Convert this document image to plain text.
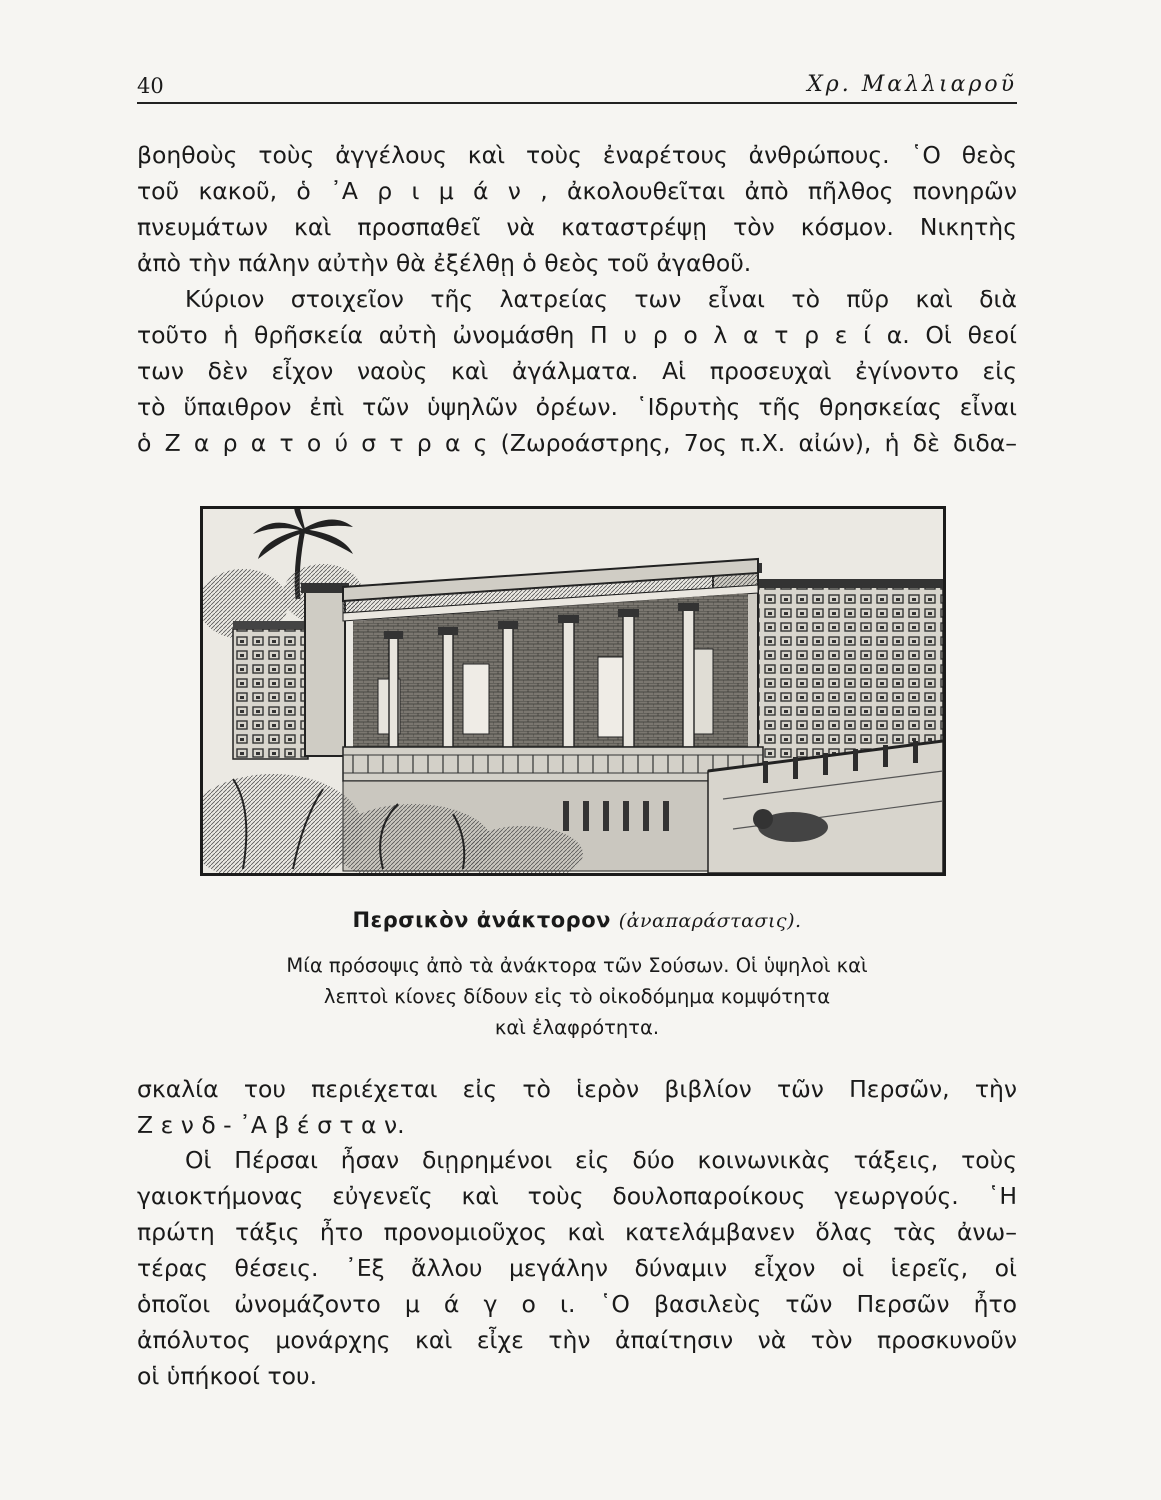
40	Χρ. Μαλλιαροῦ
βοηθοὺς τοὺς ἀγγέλους καὶ τοὺς ἐναρέτους ἀνθρώπους. ῾Ο θεὸς
τοῦ κακοῦ, ὁ ᾿Α ρ ι μ ά ν , ἀκολουθεῖται ἀπὸ πῆλθος πονηρῶν
πνευμάτων καὶ προσπαθεῖ νὰ καταστρέψῃ τὸν κόσμον. Νικητὴς
ἀπὸ τὴν πάλην αὐτὴν θὰ ἐξέλθῃ ὁ θεὸς τοῦ ἀγαθοῦ.
Κύριον στοιχεῖον τῆς λατρείας των εἶναι τὸ πῦρ καὶ διὰ
τοῦτο ἡ θρῆσκεία αὐτὴ ὠνομάσθη Π υ ρ ο λ α τ ρ ε ί α. Οἱ θεοί
των δὲν εἶχον ναοὺς καὶ ἀγάλματα. Αἱ προσευχαὶ ἐγίνοντο εἰς
τὸ ὕπαιθρον ἐπὶ τῶν ὑψηλῶν ὀρέων. ῾Ιδρυτὴς τῆς θρησκείας εἶναι
ὁ Ζ α ρ α τ ο ύ σ τ ρ α ς (Ζωροάστρης, 7ος π.Χ. αἰών), ἡ δὲ διδα–
Περσικὸν ἀνάκτορον (ἀναπαράστασις).
Μία πρόσοψις ἀπὸ τὰ ἀνάκτορα τῶν Σούσων. Οἱ ὑψηλοὶ καὶ
λεπτοὶ κίονες δίδουν εἰς τὸ οἰκοδόμημα κομψότητα
καὶ ἐλαφρότητα.
σκαλία του περιέχεται εἰς τὸ ἱερὸν βιβλίον τῶν Περσῶν, τὴν
Ζ ε ν δ - ᾿Α β έ σ τ α ν.
Οἱ Πέρσαι ἦσαν διῃρημένοι εἰς δύο κοινωνικὰς τάξεις, τοὺς
γαιοκτήμονας εὐγενεῖς καὶ τοὺς δουλοπαροίκους γεωργούς. ῾Η
πρώτη τάξις ἦτο προνομιοῦχος καὶ κατελάμβανεν ὅλας τὰς ἀνω–
τέρας θέσεις. ᾿Εξ ἄλλου μεγάλην δύναμιν εἶχον οἱ ἱερεῖς, οἱ
ὁποῖοι ὠνομάζοντο μ ά γ ο ι. ῾Ο βασιλεὺς τῶν Περσῶν ἦτο
ἀπόλυτος μονάρχης καὶ εἶχε τὴν ἀπαίτησιν νὰ τὸν προσκυνοῦν
οἱ ὑπήκοοί του.
